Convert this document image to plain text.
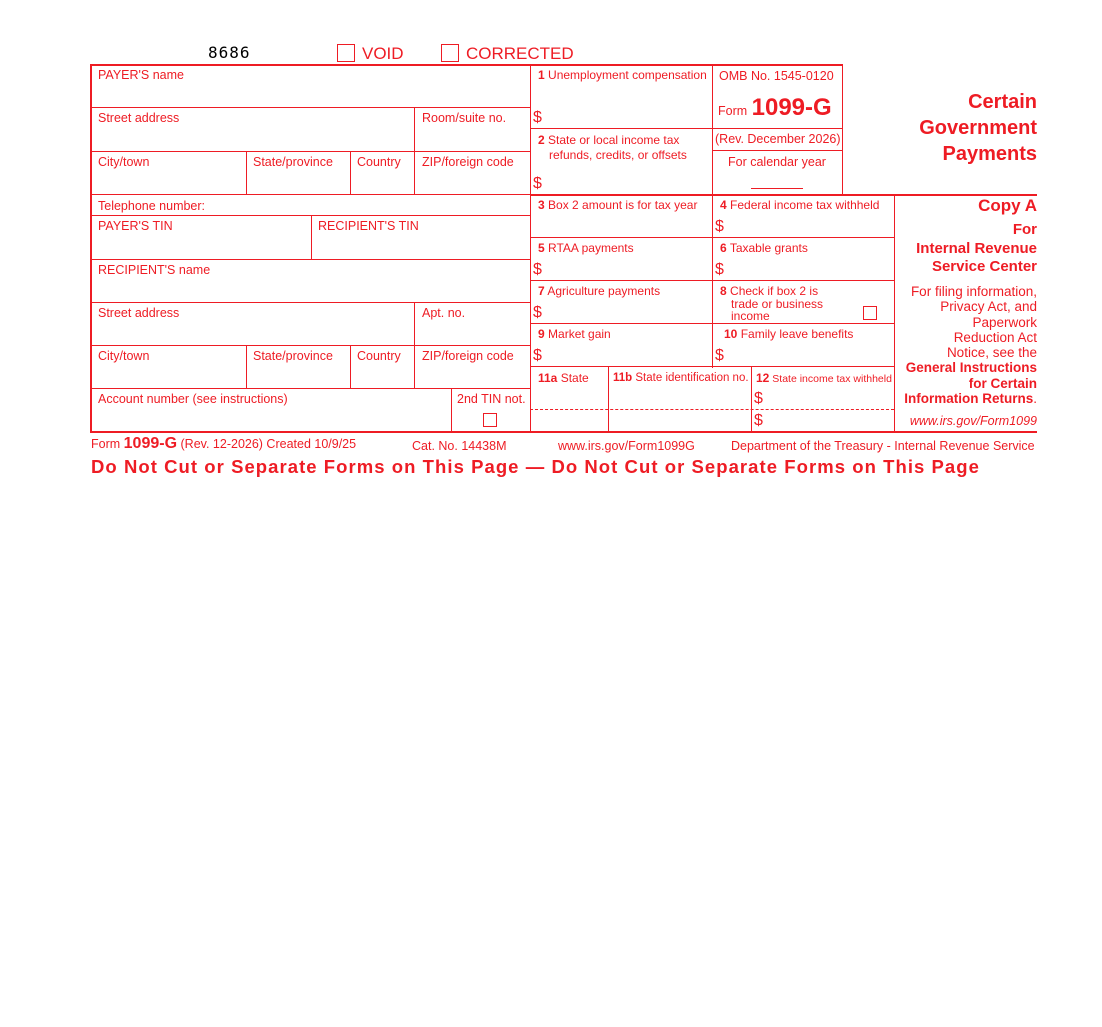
8686	VOID	CORRECTED
PAYER'S name
Street address	Room/suite no.
City/town	State/province Country ZIP/foreign code
Telephone number:
PAYER'S TIN	RECIPIENT'S TIN
RECIPIENT'S name
Street address	Apt. no.
City/town	State/province Country ZIP/foreign code
Account number (see instructions)	2nd TIN not.
1 Unemployment compensation
$
2 State or local income tax
refunds, credits, or offsets
$
3 Box 2 amount is for tax year 4 Federal income tax withheld
$
5 RTAA payments
$
6 Taxable grants
$
7 Agriculture payments
$
8 Check if box 2 is
trade or business
income
9 Market gain
$
10 Family leave benefits
$
11a State 11b State identification no. 12 State income tax withheld
$
$
OMB No. 1545-0120
Form 1099-G
(Rev. December 2026)
For calendar year
Certain
Government
Payments
Copy A
For
Internal Revenue
Service Center
For filing information,
Privacy Act, and
Paperwork
Reduction Act
Notice, see the
General Instructions
for Certain
Information Returns.
www.irs.gov/Form1099
Form 1099-G (Rev. 12-2026) Created 10/9/25	Cat. No. 14438M	www.irs.gov/Form1099G	Department of the Treasury - Internal Revenue Service
Do Not Cut or Separate Forms on This Page — Do Not Cut or Separate Forms on This Page
